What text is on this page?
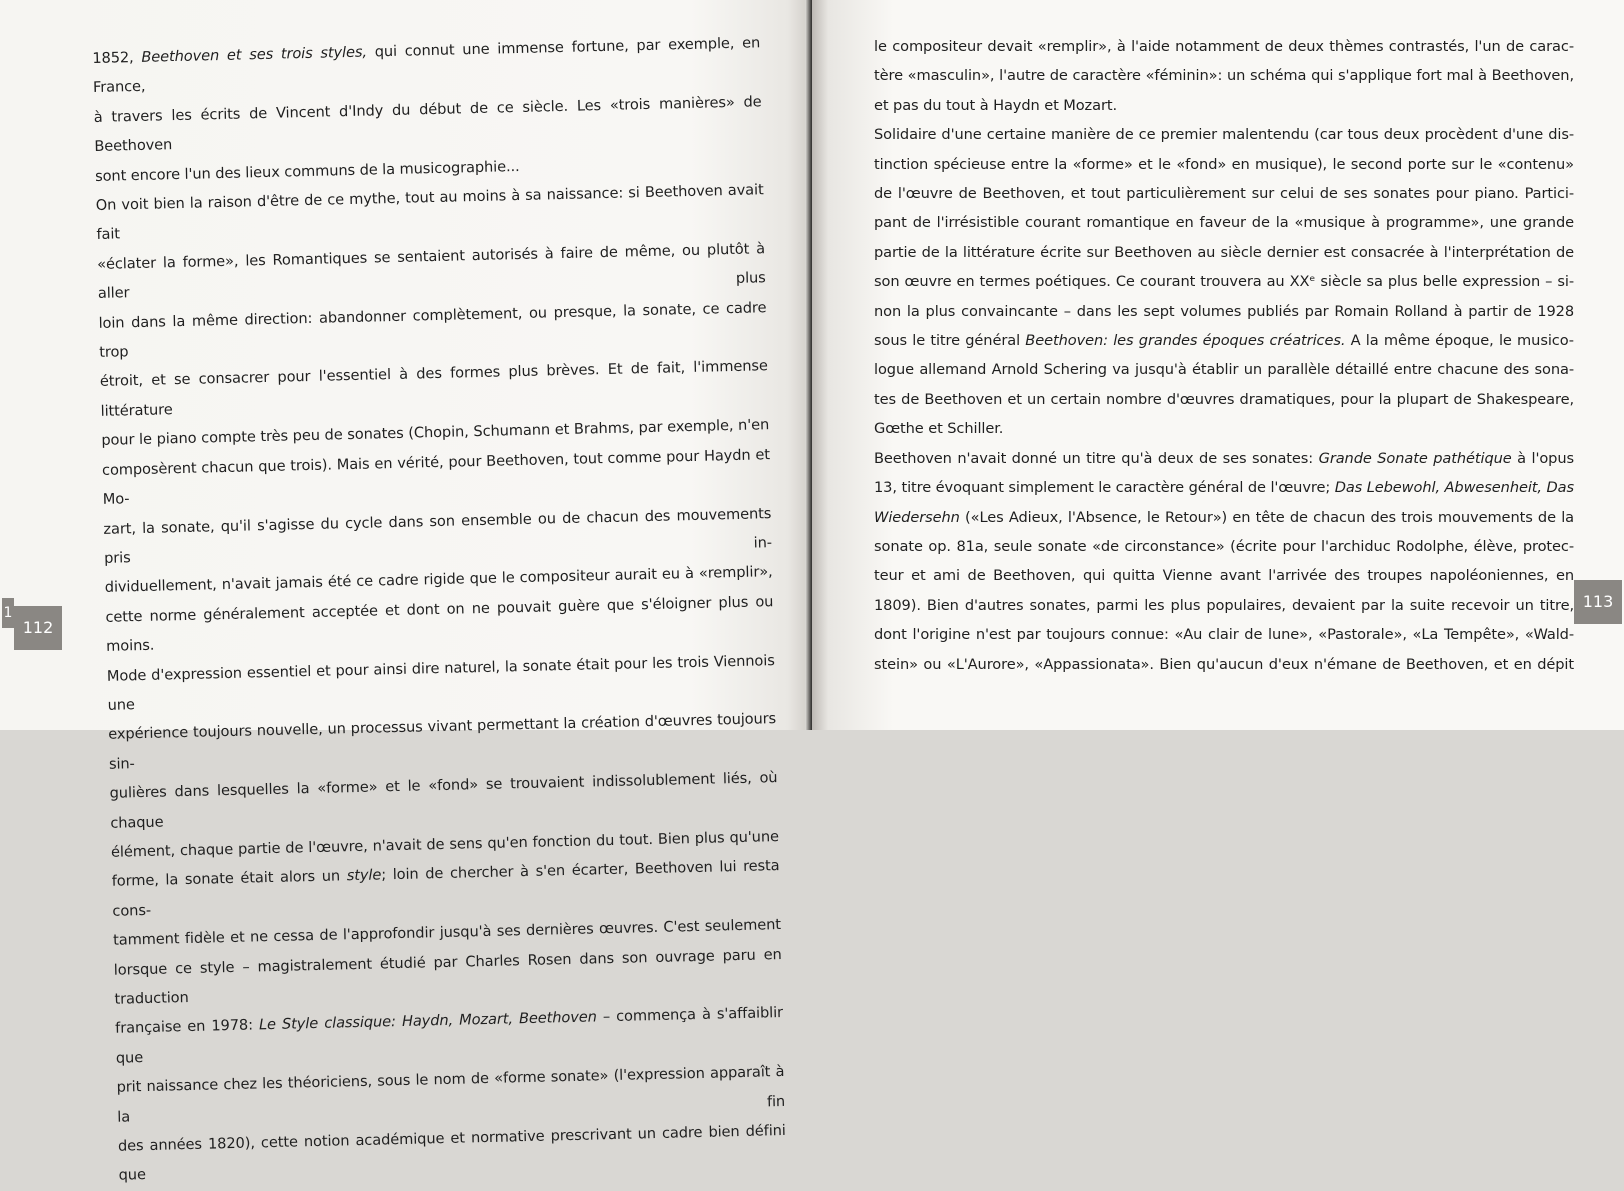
1852, Beethoven et ses trois styles, qui connut une immense fortune, par exemple, en France,
à travers les écrits de Vincent d'Indy du début de ce siècle. Les «trois manières» de Beethoven
sont encore l'un des lieux communs de la musicographie...
On voit bien la raison d'être de ce mythe, tout au moins à sa naissance: si Beethoven avait fait
«éclater la forme», les Romantiques se sentaient autorisés à faire de même, ou plutôt à aller plus
loin dans la même direction: abandonner complètement, ou presque, la sonate, ce cadre trop
étroit, et se consacrer pour l'essentiel à des formes plus brèves. Et de fait, l'immense littérature
pour le piano compte très peu de sonates (Chopin, Schumann et Brahms, par exemple, n'en
composèrent chacun que trois). Mais en vérité, pour Beethoven, tout comme pour Haydn et Mo-
zart, la sonate, qu'il s'agisse du cycle dans son ensemble ou de chacun des mouvements pris in-
dividuellement, n'avait jamais été ce cadre rigide que le compositeur aurait eu à «remplir»,
cette norme généralement acceptée et dont on ne pouvait guère que s'éloigner plus ou moins.
Mode d'expression essentiel et pour ainsi dire naturel, la sonate était pour les trois Viennois une
expérience toujours nouvelle, un processus vivant permettant la création d'œuvres toujours sin-
gulières dans lesquelles la «forme» et le «fond» se trouvaient indissolublement liés, où chaque
élément, chaque partie de l'œuvre, n'avait de sens qu'en fonction du tout. Bien plus qu'une
forme, la sonate était alors un style; loin de chercher à s'en écarter, Beethoven lui resta cons-
tamment fidèle et ne cessa de l'approfondir jusqu'à ses dernières œuvres. C'est seulement
lorsque ce style – magistralement étudié par Charles Rosen dans son ouvrage paru en traduction
française en 1978: Le Style classique: Haydn, Mozart, Beethoven – commença à s'affaiblir que
prit naissance chez les théoriciens, sous le nom de «forme sonate» (l'expression apparaît à la fin
des années 1820), cette notion académique et normative prescrivant un cadre bien défini que
1
112
le compositeur devait «remplir», à l'aide notamment de deux thèmes contrastés, l'un de carac-
tère «masculin», l'autre de caractère «féminin»: un schéma qui s'applique fort mal à Beethoven,
et pas du tout à Haydn et Mozart.
Solidaire d'une certaine manière de ce premier malentendu (car tous deux procèdent d'une dis-
tinction spécieuse entre la «forme» et le «fond» en musique), le second porte sur le «contenu»
de l'œuvre de Beethoven, et tout particulièrement sur celui de ses sonates pour piano. Partici-
pant de l'irrésistible courant romantique en faveur de la «musique à programme», une grande
partie de la littérature écrite sur Beethoven au siècle dernier est consacrée à l'interprétation de
son œuvre en termes poétiques. Ce courant trouvera au XXᵉ siècle sa plus belle expression – si-
non la plus convaincante – dans les sept volumes publiés par Romain Rolland à partir de 1928
sous le titre général Beethoven: les grandes époques créatrices. A la même époque, le musico-
logue allemand Arnold Schering va jusqu'à établir un parallèle détaillé entre chacune des sona-
tes de Beethoven et un certain nombre d'œuvres dramatiques, pour la plupart de Shakespeare,
Gœthe et Schiller.
Beethoven n'avait donné un titre qu'à deux de ses sonates: Grande Sonate pathétique à l'opus
13, titre évoquant simplement le caractère général de l'œuvre; Das Lebewohl, Abwesenheit, Das
Wiedersehn («Les Adieux, l'Absence, le Retour») en tête de chacun des trois mouvements de la
sonate op. 81a, seule sonate «de circonstance» (écrite pour l'archiduc Rodolphe, élève, protec-
teur et ami de Beethoven, qui quitta Vienne avant l'arrivée des troupes napoléoniennes, en
1809). Bien d'autres sonates, parmi les plus populaires, devaient par la suite recevoir un titre,
dont l'origine n'est par toujours connue: «Au clair de lune», «Pastorale», «La Tempête», «Wald-
stein» ou «L'Aurore», «Appassionata». Bien qu'aucun d'eux n'émane de Beethoven, et en dépit
113
